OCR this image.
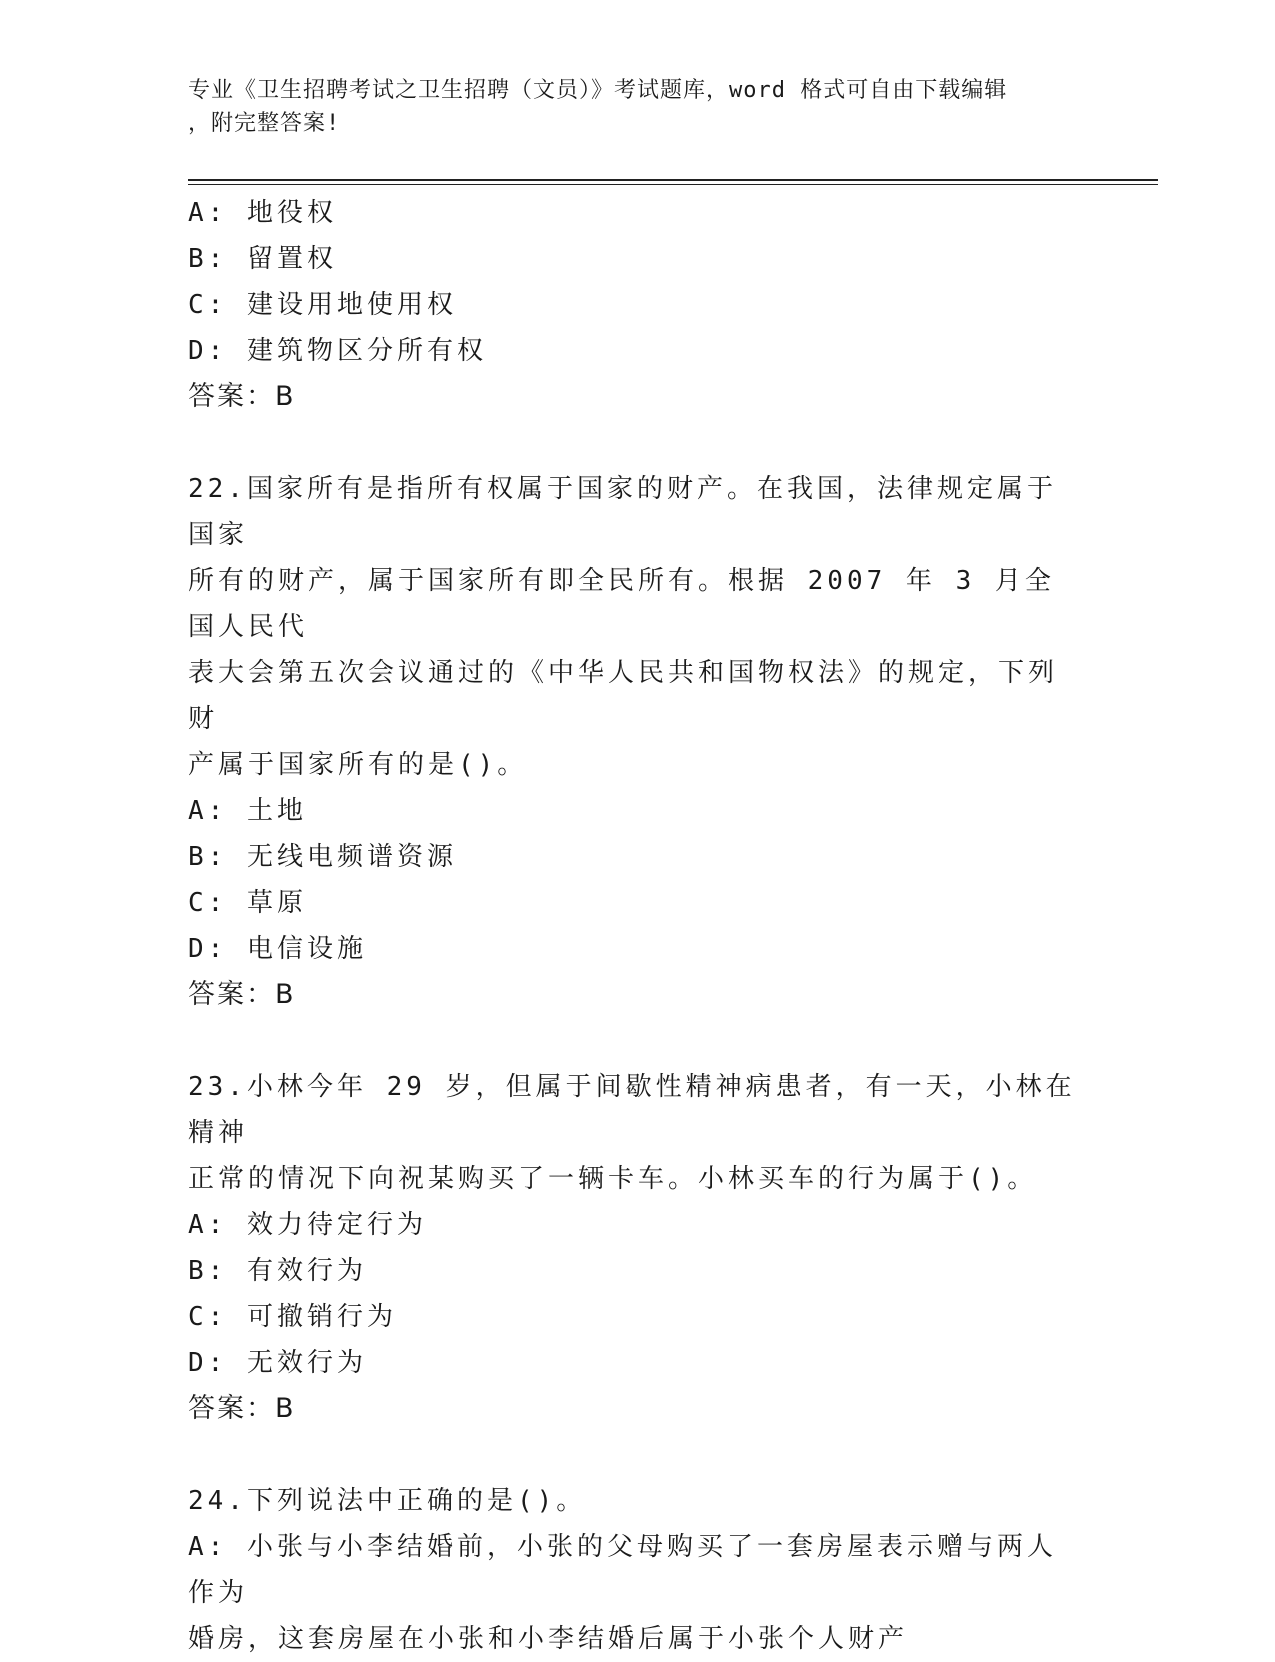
专业《卫生招聘考试之卫生招聘（文员）》考试题库，word 格式可自由下载编辑
，附完整答案!
A: 地役权
B: 留置权
C: 建设用地使用权
D: 建筑物区分所有权
答案：B
22.国家所有是指所有权属于国家的财产。在我国，法律规定属于国家
所有的财产，属于国家所有即全民所有。根据 2007 年 3 月全国人民代
表大会第五次会议通过的《中华人民共和国物权法》的规定，下列财
产属于国家所有的是()。
A: 土地
B: 无线电频谱资源
C: 草原
D: 电信设施
答案：B
23.小林今年 29 岁，但属于间歇性精神病患者，有一天，小林在精神
正常的情况下向祝某购买了一辆卡车。小林买车的行为属于()。
A: 效力待定行为
B: 有效行为
C: 可撤销行为
D: 无效行为
答案：B
24.下列说法中正确的是()。
A: 小张与小李结婚前，小张的父母购买了一套房屋表示赠与两人作为
婚房，这套房屋在小张和小李结婚后属于小张个人财产
